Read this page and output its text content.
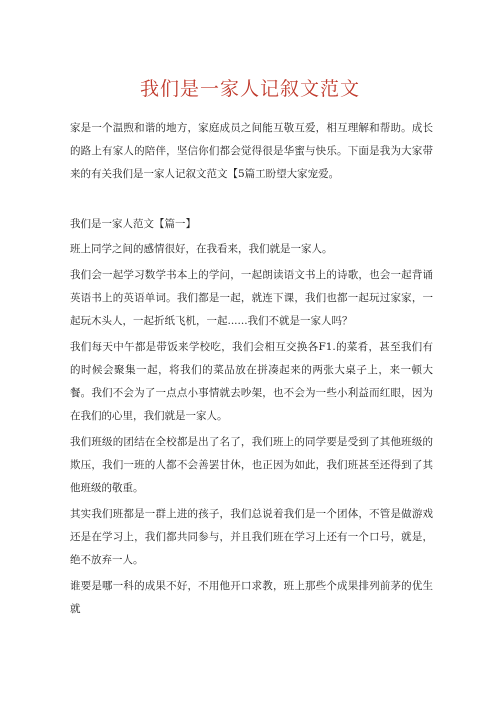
我们是一家人记叙文范文

家是一个温煦和谐的地方，家庭成员之间能互敬互爱，相互理解和帮助。成长的路上有家人的陪伴，坚信你们都会觉得很是华蜜与快乐。下面是我为大家带来的有关我们是一家人记叙文范文【5篇工盼望大家宠爱。

我们是一家人范文【篇一】

班上同学之间的感情很好，在我看来，我们就是一家人。

我们会一起学习数学书本上的学问，一起朗读语文书上的诗歌，也会一起背诵英语书上的英语单词。我们都是一起，就连下课，我们也都一起玩过家家，一起玩木头人，一起折纸飞机，一起......我们不就是一家人吗？

我们每天中午都是带饭来学校吃，我们会相互交换各F1.的菜肴，甚至我们有的时候会聚集一起，将我们的菜品放在拼凑起来的两张大桌子上，来一顿大餐。我们不会为了一点点小事情就去吵架，也不会为一些小利益而红眼，因为在我们的心里，我们就是一家人。

我们班级的团结在全校都是出了名了，我们班上的同学要是受到了其他班级的欺压，我们一班的人都不会善罢甘休，也正因为如此，我们班甚至还得到了其他班级的敬重。

其实我们班都是一群上进的孩子，我们总说着我们是一个团体，不管是做游戏还是在学习上，我们都共同参与，并且我们班在学习上还有一个口号，就是，绝不放弃一人。

谁要是哪一科的成果不好，不用他开口求教，班上那些个成果排列前茅的优生就
